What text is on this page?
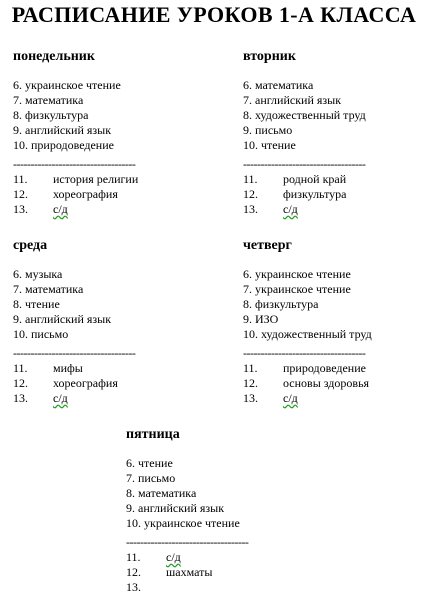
РАСПИСАНИЕ УРОКОВ 1-А КЛАССА
понедельник
6. украинское чтение
7. математика
8. физкультура
9. английский язык
10. природоведение
-----------------------------------
11. история религии
12. хореография
13. с/д
вторник
6. математика
7. английский язык
8. художественный труд
9. письмо
10. чтение
-----------------------------------
11. родной край
12. физкультура
13. с/д
среда
6. музыка
7. математика
8. чтение
9. английский язык
10. письмо
-----------------------------------
11. мифы
12. хореография
13. с/д
четверг
6. украинское чтение
7. украинское чтение
8. физкультура
9. ИЗО
10. художественный труд
-----------------------------------
11. природоведение
12. основы здоровья
13. с/д
пятница
6. чтение
7. письмо
8. математика
9. английский язык
10. украинское чтение
-----------------------------------
11. с/д
12. шахматы
13.
